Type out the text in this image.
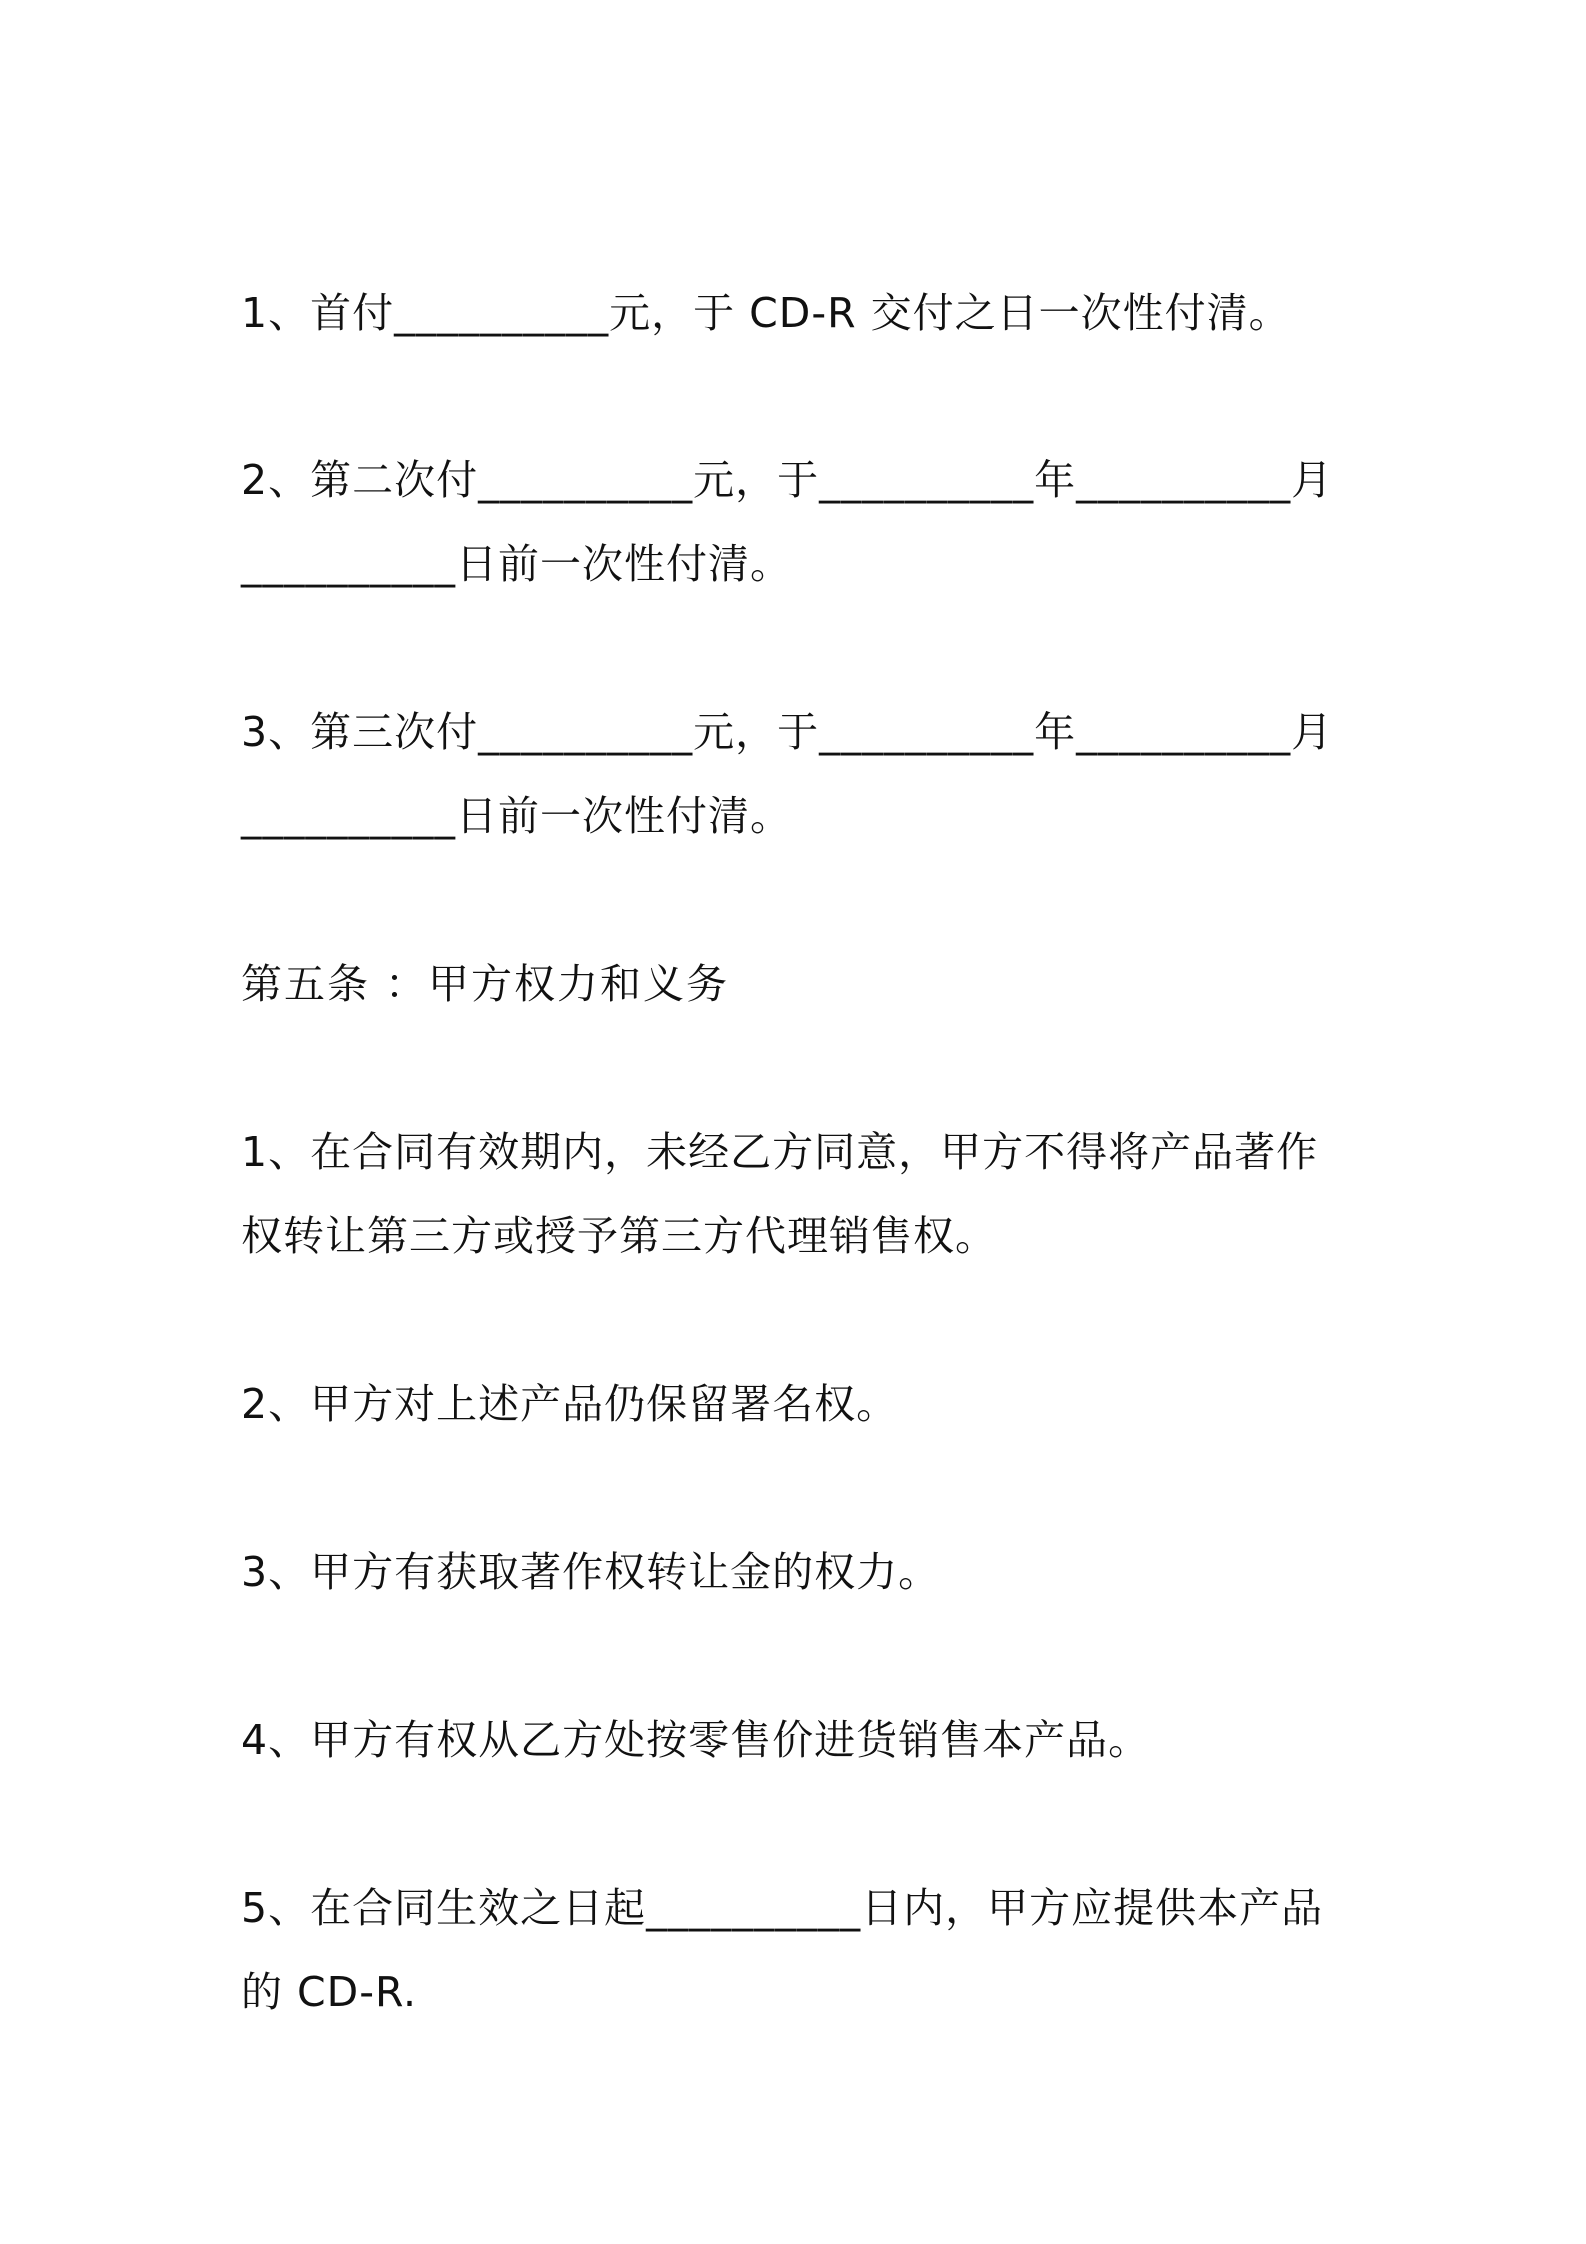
1、首付__________元，于 CD-R 交付之日一次性付清。
2、第二次付__________元，于__________年__________月
__________日前一次性付清。
3、第三次付__________元，于__________年__________月
__________日前一次性付清。
第五条 ：甲方权力和义务
1、在合同有效期内，未经乙方同意，甲方不得将产品著作
权转让第三方或授予第三方代理销售权。
2、甲方对上述产品仍保留署名权。
3、甲方有获取著作权转让金的权力。
4、甲方有权从乙方处按零售价进货销售本产品。
5、在合同生效之日起__________日内，甲方应提供本产品
的 CD-R.
